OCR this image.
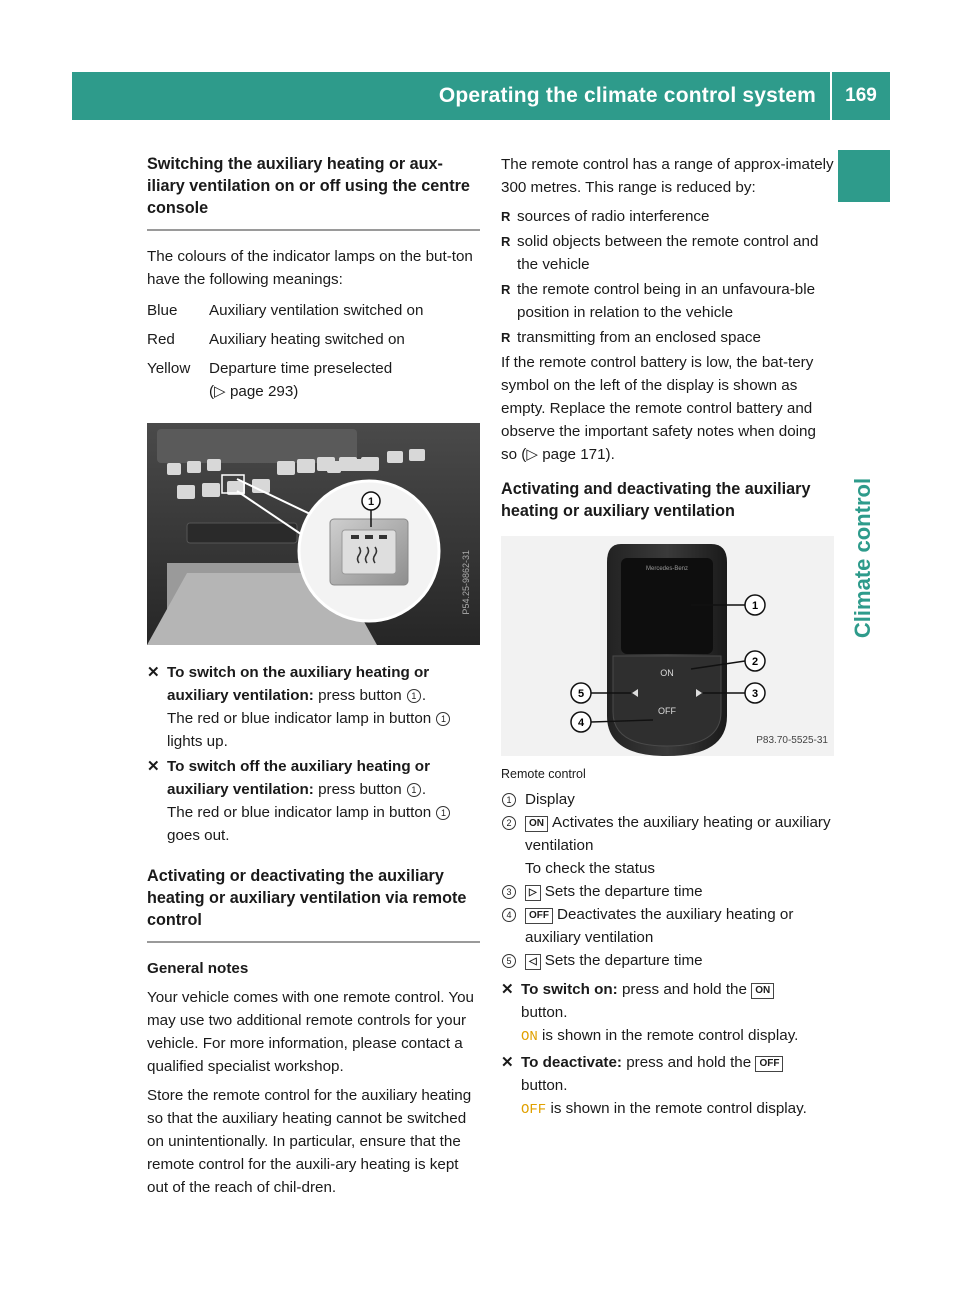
Operating the climate control system	169
Climate control
Switching the auxiliary heating or aux-iliary ventilation on or off using the centre console

The colours of the indicator lamps on the but-ton have the following meanings:

Blue	Auxiliary ventilation switched on
Red	Auxiliary heating switched on
Yellow	Departure time preselected
(▷ page 293)
1
P54.25-9862-31
✕ To switch on the auxiliary heating or auxiliary ventilation: press button 1 .
The red or blue indicator lamp in button 1 lights up.
✕ To switch off the auxiliary heating or auxiliary ventilation: press button 1 .
The red or blue indicator lamp in button 1 goes out.
Activating or deactivating the auxiliary heating or auxiliary ventilation via remote control

General notes

Your vehicle comes with one remote control. You may use two additional remote controls for your vehicle. For more information, please contact a qualified specialist workshop.

Store the remote control for the auxiliary heating so that the auxiliary heating cannot be switched on unintentionally. In particular, ensure that the remote control for the auxili-ary heating is kept out of the reach of chil-dren.

The remote control has a range of approx-imately 300 metres. This range is reduced by:

R sources of radio interference
R solid objects between the remote control and the vehicle
R the remote control being in an unfavoura-ble position in relation to the vehicle
R transmitting from an enclosed space

If the remote control battery is low, the bat-tery symbol on the left of the display is shown as empty. Replace the remote control battery and observe the important safety notes when doing so (▷ page 171).

Activating and deactivating the auxiliary heating or auxiliary ventilation
Mercedes-Benz
ON
OFF
1
2
3
5
4
P83.70-5525-31
Remote control
1 Display
2	ON Activates the auxiliary heating or auxiliary ventilation
To check the status
3	▷ Sets the departure time
4	OFF Deactivates the auxiliary heating or auxiliary ventilation
5	◁ Sets the departure time
✕ To switch on: press and hold the ON
button.
ON is shown in the remote control display.
✕ To deactivate: press and hold the OFF
button.
OFF is shown in the remote control display.
